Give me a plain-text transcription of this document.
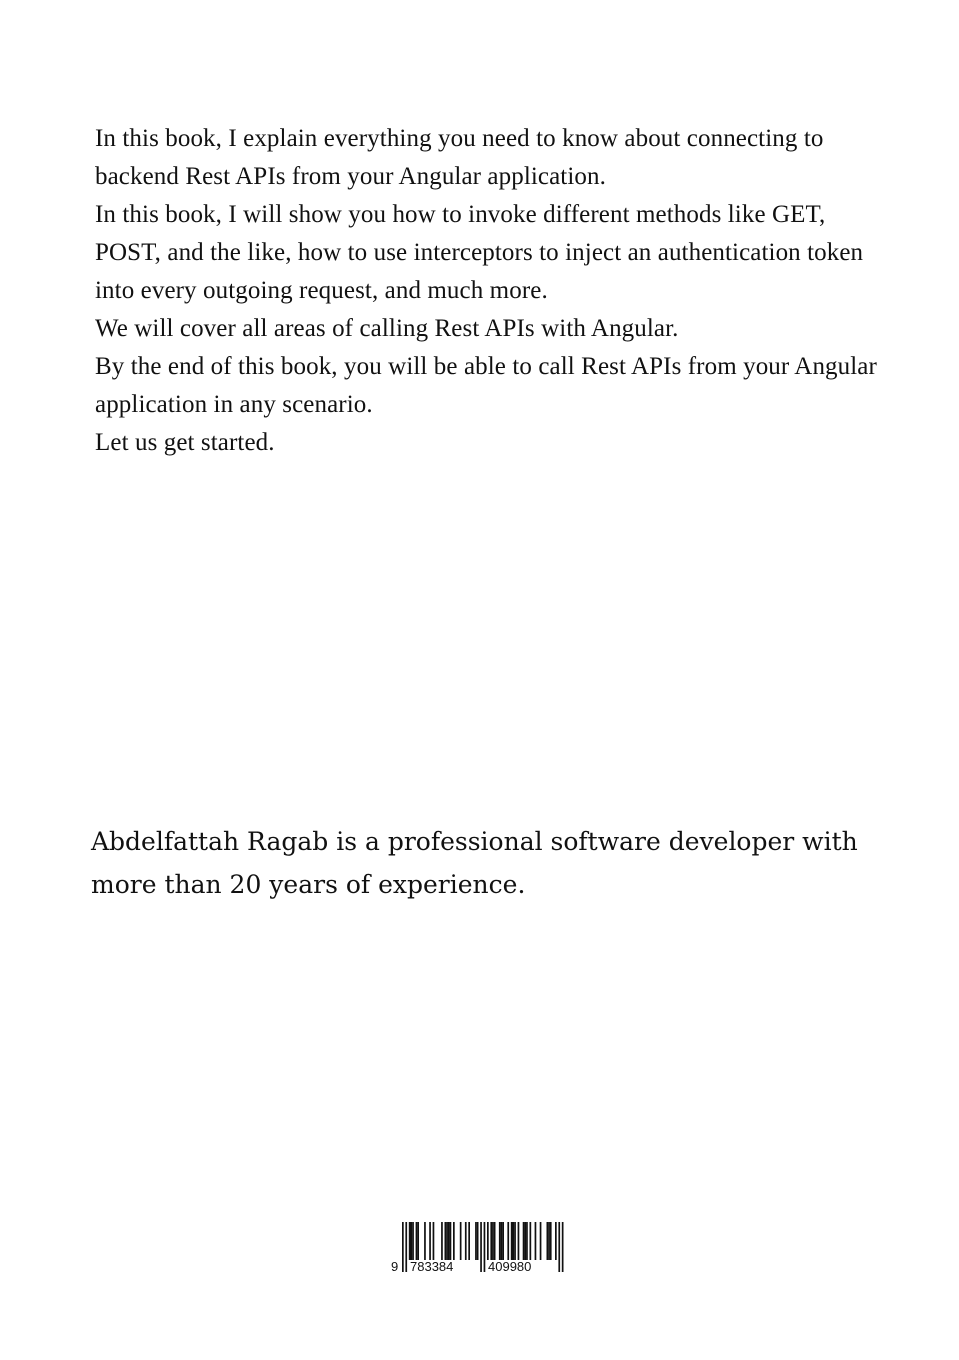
In this book, I explain everything you need to know about connecting to backend Rest APIs from your Angular application.

In this book, I will show you how to invoke different methods like GET, POST, and the like, how to use interceptors to inject an authentication token into every outgoing request, and much more.

We will cover all areas of calling Rest APIs with Angular.

By the end of this book, you will be able to call Rest APIs from your Angular application in any scenario.

Let us get started.

Abdelfattah Ragab is a professional software developer with more than 20 years of experience.

9 783384	409980
